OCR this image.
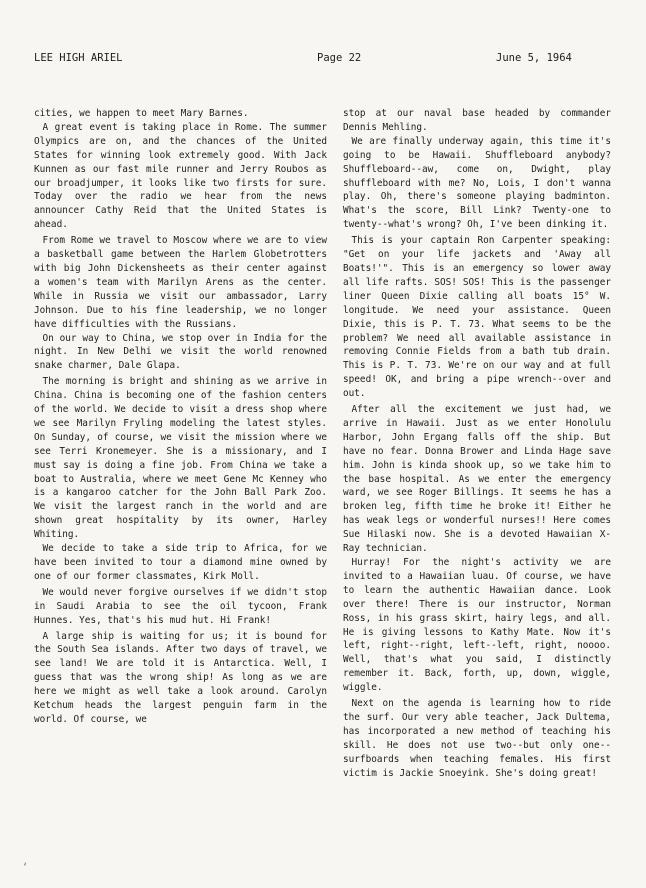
LEE HIGH ARIEL	Page 22	June 5, 1964

cities, we happen to meet Mary Barnes.

A great event is taking place in Rome. The summer Olympics are on, and the chances of the United States for winning look extremely good. With Jack Kunnen as our fast mile runner and Jerry Roubos as our broadjumper, it looks like two firsts for sure. Today over the radio we hear from the news announcer Cathy Reid that the United States is ahead.

From Rome we travel to Moscow where we are to view a basketball game between the Harlem Globetrotters with big John Dickensheets as their center against a women's team with Marilyn Arens as the center. While in Russia we visit our ambassador, Larry Johnson. Due to his fine leadership, we no longer have difficulties with the Russians.

On our way to China, we stop over in India for the night. In New Delhi we visit the world renowned snake charmer, Dale Glapa.

The morning is bright and shining as we arrive in China. China is becoming one of the fashion centers of the world. We decide to visit a dress shop where we see Marilyn Fryling modeling the latest styles. On Sunday, of course, we visit the mission where we see Terri Kronemeyer. She is a missionary, and I must say is doing a fine job. From China we take a boat to Australia, where we meet Gene Mc Kenney who is a kangaroo catcher for the John Ball Park Zoo. We visit the largest ranch in the world and are shown great hospitality by its owner, Harley Whiting.

We decide to take a side trip to Africa, for we have been invited to tour a diamond mine owned by one of our former classmates, Kirk Moll.

We would never forgive ourselves if we didn't stop in Saudi Arabia to see the oil tycoon, Frank Hunnes. Yes, that's his mud hut. Hi Frank!

A large ship is waiting for us; it is bound for the South Sea islands. After two days of travel, we see land! We are told it is Antarctica. Well, I guess that was the wrong ship! As long as we are here we might as well take a look around. Carolyn Ketchum heads the largest penguin farm in the world. Of course, we

stop at our naval base headed by commander Dennis Mehling.

We are finally underway again, this time it's going to be Hawaii. Shuffleboard anybody? Shuffleboard--aw, come on, Dwight, play shuffleboard with me? No, Lois, I don't wanna play. Oh, there's someone playing badminton. What's the score, Bill Link? Twenty-one to twenty--what's wrong? Oh, I've been dinking it.

This is your captain Ron Carpenter speaking: "Get on your life jackets and 'Away all Boats!'". This is an emergency so lower away all life rafts. SOS! SOS! This is the passenger liner Queen Dixie calling all boats 15° W. longitude. We need your assistance. Queen Dixie, this is P. T. 73. What seems to be the problem? We need all available assistance in removing Connie Fields from a bath tub drain. This is P. T. 73. We're on our way and at full speed! OK, and bring a pipe wrench--over and out.

After all the excitement we just had, we arrive in Hawaii. Just as we enter Honolulu Harbor, John Ergang falls off the ship. But have no fear. Donna Brower and Linda Hage save him. John is kinda shook up, so we take him to the base hospital. As we enter the emergency ward, we see Roger Billings. It seems he has a broken leg, fifth time he broke it! Either he has weak legs or wonderful nurses!! Here comes Sue Hilaski now. She is a devoted Hawaiian X-Ray technician.

Hurray! For the night's activity we are invited to a Hawaiian luau. Of course, we have to learn the authentic Hawaiian dance. Look over there! There is our instructor, Norman Ross, in his grass skirt, hairy legs, and all. He is giving lessons to Kathy Mate. Now it's left, right--right, left--left, right, noooo. Well, that's what you said, I distinctly remember it. Back, forth, up, down, wiggle, wiggle.

Next on the agenda is learning how to ride the surf. Our very able teacher, Jack Dultema, has incorporated a new method of teaching his skill. He does not use two--but only one--surfboards when teaching females. His first victim is Jackie Snoeyink. She's doing great!

‘
